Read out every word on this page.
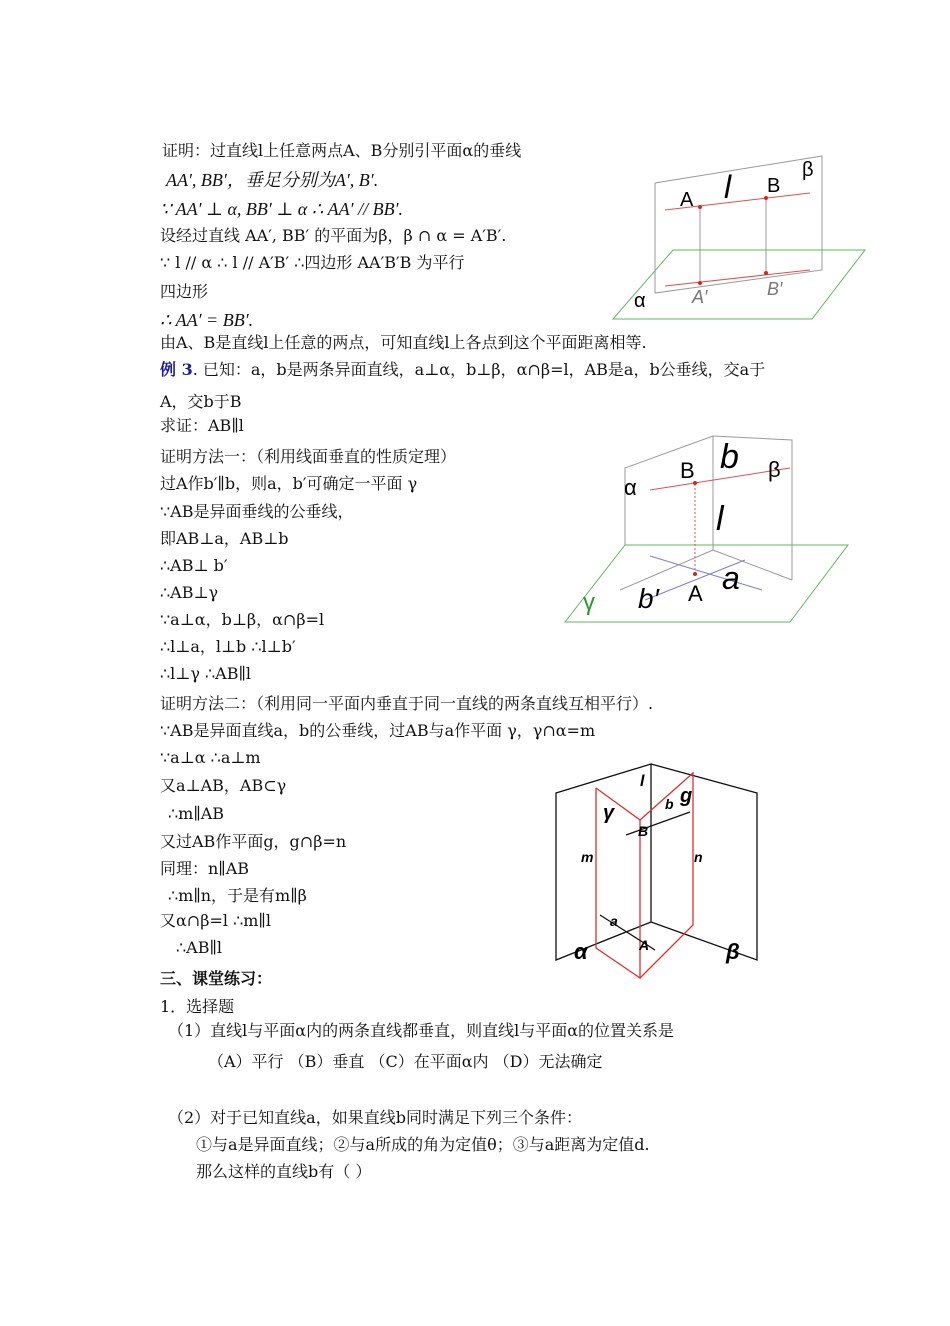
证明：过直线l上任意两点A、B分别引平面α的垂线
AA′, BB′，垂足分别为A′, B′.
∵ AA′ ⊥ α, BB′ ⊥ α ∴ AA′ // BB′.
设经过直线 AA′, BB′ 的平面为β，β ∩ α = A′B′.
∵ l // α ∴ l // A′B′ ∴四边形 AA′B′B 为平行
四边形
∴ AA′ = BB′.
由A、B是直线l上任意的两点，可知直线l上各点到这个平面距离相等.
例 3. 已知：a，b是两条异面直线，a⊥α，b⊥β，α∩β=l，AB是a，b公垂线，交a于
A，交b于B
求证：AB∥l
证明方法一：（利用线面垂直的性质定理）
过A作b′∥b，则a，b′可确定一平面 γ
∵AB是异面垂线的公垂线，
即AB⊥a，AB⊥b
∴AB⊥ b′
∴AB⊥γ
∵a⊥α，b⊥β，α∩β=l
∴l⊥a，l⊥b ∴l⊥b′
∴l⊥γ ∴AB∥l
证明方法二：（利用同一平面内垂直于同一直线的两条直线互相平行）.
∵AB是异面直线a，b的公垂线，过AB与a作平面 γ，γ∩α=m
∵a⊥α ∴a⊥m
又a⊥AB，AB⊂γ
∴m∥AB
又过AB作平面g，g∩β=n
同理：n∥AB
∴m∥n，于是有m∥β
又α∩β=l ∴m∥l
∴AB∥l
三、课堂练习：
1．选择题
（1）直线l与平面α内的两条直线都垂直，则直线l与平面α的位置关系是
（A）平行 （B）垂直 （C）在平面α内 （D）无法确定
（2）对于已知直线a，如果直线b同时满足下列三个条件：
①与a是异面直线；②与a所成的角为定值θ；③与a距离为定值d.
那么这样的直线b有（ ）
A l B
β
α	A′	B′
B b β
α
l
γ b′ A a
l
g
γ	b
B
m	n
a
A
α	β
